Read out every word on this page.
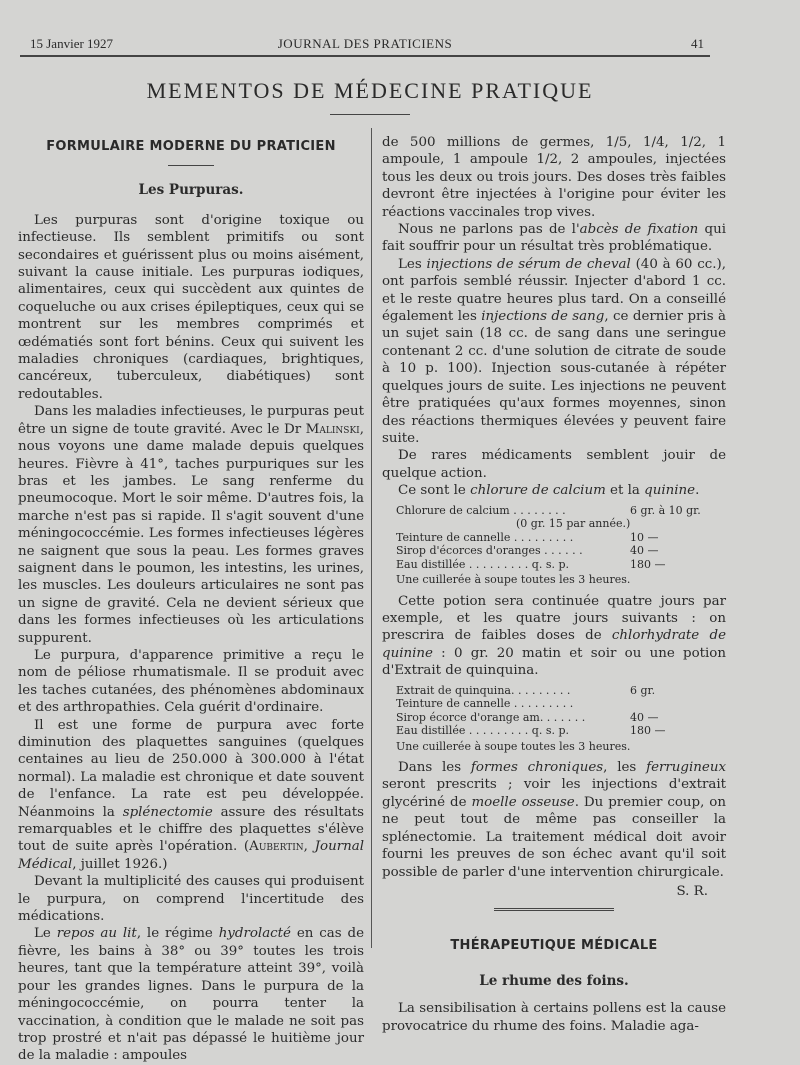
15 Janvier 1927	JOURNAL DES PRATICIENS	41
MEMENTOS DE MÉDECINE PRATIQUE
FORMULAIRE MODERNE DU PRATICIEN
Les Purpuras.

Les purpuras sont d'origine toxique ou infectieuse. Ils semblent primitifs ou sont secondaires et guérissent plus ou moins aisément, suivant la cause initiale. Les purpuras iodiques, alimentaires, ceux qui succèdent aux quintes de coqueluche ou aux crises épileptiques, ceux qui se montrent sur les membres comprimés et œdématiés sont fort bénins. Ceux qui suivent les maladies chroniques (cardiaques, brightiques, cancéreux, tuberculeux, diabétiques) sont redoutables.

Dans les maladies infectieuses, le purpuras peut être un signe de toute gravité. Avec le Dr Malinski, nous voyons une dame malade depuis quelques heures. Fièvre à 41°, taches purpuriques sur les bras et les jambes. Le sang renferme du pneumocoque. Mort le soir même. D'autres fois, la marche n'est pas si rapide. Il s'agit souvent d'une méningococcémie. Les formes infectieuses légères ne saignent que sous la peau. Les formes graves saignent dans le poumon, les intestins, les urines, les muscles. Les douleurs articulaires ne sont pas un signe de gravité. Cela ne devient sérieux que dans les formes infectieuses où les articulations suppurent.

Le purpura, d'apparence primitive a reçu le nom de péliose rhumatismale. Il se produit avec les taches cutanées, des phénomènes abdominaux et des arthropathies. Cela guérit d'ordinaire.

Il est une forme de purpura avec forte diminution des plaquettes sanguines (quelques centaines au lieu de 250.000 à 300.000 à l'état normal). La maladie est chronique et date souvent de l'enfance. La rate est peu développée. Néanmoins la splénectomie assure des résultats remarquables et le chiffre des plaquettes s'élève tout de suite après l'opération. (Aubertin, Journal Médical, juillet 1926.)

Devant la multiplicité des causes qui produisent le purpura, on comprend l'incertitude des médications.

Le repos au lit, le régime hydrolacté en cas de fièvre, les bains à 38° ou 39° toutes les trois heures, tant que la température atteint 39°, voilà pour les grandes lignes. Dans le purpura de la méningococcémie, on pourra tenter la vaccination, à condition que le malade ne soit pas trop prostré et n'ait pas dépassé le huitième jour de la maladie : ampoules

de 500 millions de germes, 1/5, 1/4, 1/2, 1 ampoule, 1 ampoule 1/2, 2 ampoules, injectées tous les deux ou trois jours. Des doses très faibles devront être injectées à l'origine pour éviter les réactions vaccinales trop vives.

Nous ne parlons pas de l'abcès de fixation qui fait souffrir pour un résultat très problématique.

Les injections de sérum de cheval (40 à 60 cc.), ont parfois semblé réussir. Injecter d'abord 1 cc. et le reste quatre heures plus tard. On a conseillé également les injections de sang, ce dernier pris à un sujet sain (18 cc. de sang dans une seringue contenant 2 cc. d'une solution de citrate de soude à 10 p. 100). Injection sous-cutanée à répéter quelques jours de suite. Les injections ne peuvent être pratiquées qu'aux formes moyennes, sinon des réactions thermiques élevées y peuvent faire suite.

De rares médicaments semblent jouir de quelque action.

Ce sont le chlorure de calcium et la quinine.

Chlorure de calcium . . . . . . . .	6 gr. à 10 gr.
(0 gr. 15 par année.)
Teinture de cannelle . . . . . . . . .	10 —
Sirop d'écorces d'oranges . . . . . .	40 —
Eau distillée . . . . . . . . . q. s. p.	180 —
Une cuillerée à soupe toutes les 3 heures.

Cette potion sera continuée quatre jours par exemple, et les quatre jours suivants : on prescrira de faibles doses de chlorhydrate de quinine : 0 gr. 20 matin et soir ou une potion d'Extrait de quinquina.

Extrait de quinquina. . . . . . . . .	6 gr.
Teinture de cannelle . . . . . . . . .
Sirop écorce d'orange am. . . . . . .	40 —
Eau distillée . . . . . . . . . q. s. p.	180 —
Une cuillerée à soupe toutes les 3 heures.

Dans les formes chroniques, les ferrugineux seront prescrits ; voir les injections d'extrait glycériné de moelle osseuse. Du premier coup, on ne peut tout de même pas conseiller la splénectomie. La traitement médical doit avoir fourni les preuves de son échec avant qu'il soit possible de parler d'une intervention chirurgicale.

S. R.
THÉRAPEUTIQUE MÉDICALE
Le rhume des foins.

La sensibilisation à certains pollens est la cause provocatrice du rhume des foins. Maladie aga-
